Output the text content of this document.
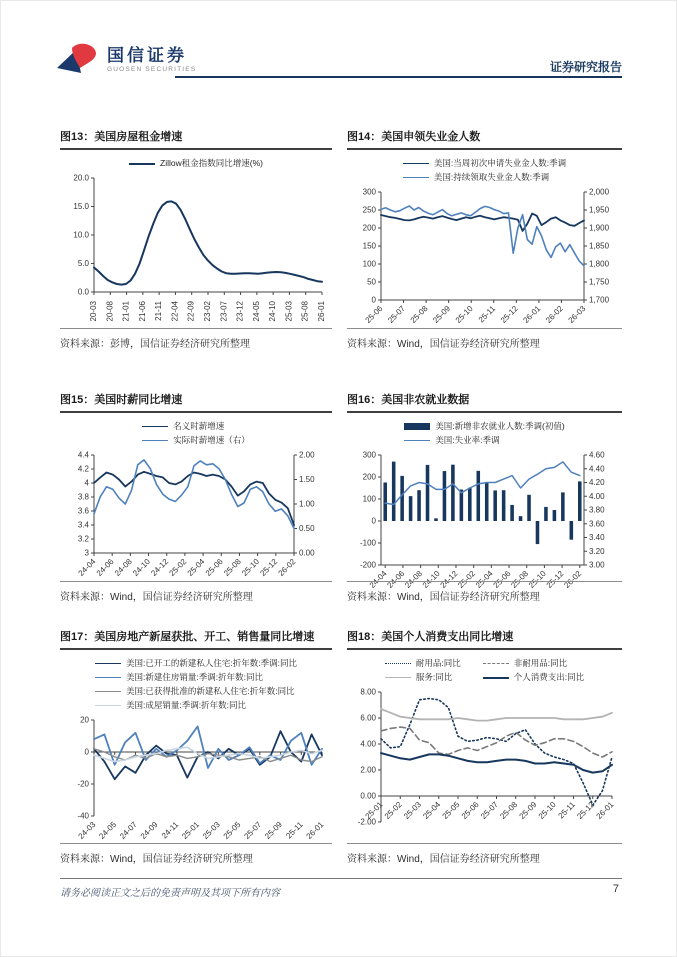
国信证券
GUOSEN SECURITIES	证券研究报告
图13：美国房屋租金增速
Zillow租金指数同比增速(%)
20.0
15.0
10.0
5.0
0.0
20-03 20-08 21-01 21-06 21-11 22-04 22-09 23-02 23-07 23-12 24-05 24-10 25-03 25-08 26-01
资料来源：彭博，国信证券经济研究所整理
图14：美国申领失业金人数
美国:当周初次申请失业金人数:季调
美国:持续领取失业金人数:季调
300
250
200
150
100
50
0
2,000
1,950
1,900
1,850
1,800
1,750
1,700
25-06 25-07 25-08 25-09 25-10 25-11 25-12 26-01 26-02 26-03
资料来源：Wind，国信证券经济研究所整理
图15：美国时薪同比增速
名义时薪增速
实际时薪增速（右）
4.4
4.2
4
3.8
3.6
3.4
3.2
3
2.00
1.50
1.00
0.50
0.00
24-04
24-06
24-08
24-10
24-12
25-02
25-04
25-06
25-08
25-10
25-12
26-02
资料来源：Wind，国信证券经济研究所整理
图16：美国非农就业数据
美国:新增非农就业人数:季调(初值)
美国:失业率:季调
300
200
100
0
-100
-200
4.60
4.40
4.20
4.00
3.80
3.60
3.40
3.20
3.00
24-04
24-06
24-08
24-10
24-12
25-02
25-04
25-06
25-08
25-10
25-12
26-02
资料来源：Wind，国信证券经济研究所整理
图17：美国房地产新屋获批、开工、销售量同比增速
美国:已开工的新建私人住宅:折年数:季调:同比
美国:新建住房销量:季调:折年数:同比
美国:已获得批准的新建私人住宅:折年数:同比
美国:成屋销量:季调:折年数:同比
20
0
-20
-40
24-03 24-05 24-07 24-09 24-11 25-01 25-03 25-05 25-07 25-09 25-11 26-01
资料来源：Wind，国信证券经济研究所整理
图18：美国个人消费支出同比增速
耐用品:同比	非耐用品:同比
服务:同比	个人消费支出:同比
8.00
6.00
4.00
2.00
0.00
-2.00
25-01
25-02
25-03
25-04
25-05
25-06
25-07
25-08
25-09
25-10
25-11
25-12
26-01
资料来源：Wind，国信证券经济研究所整理
请务必阅读正文之后的免责声明及其项下所有内容	7
